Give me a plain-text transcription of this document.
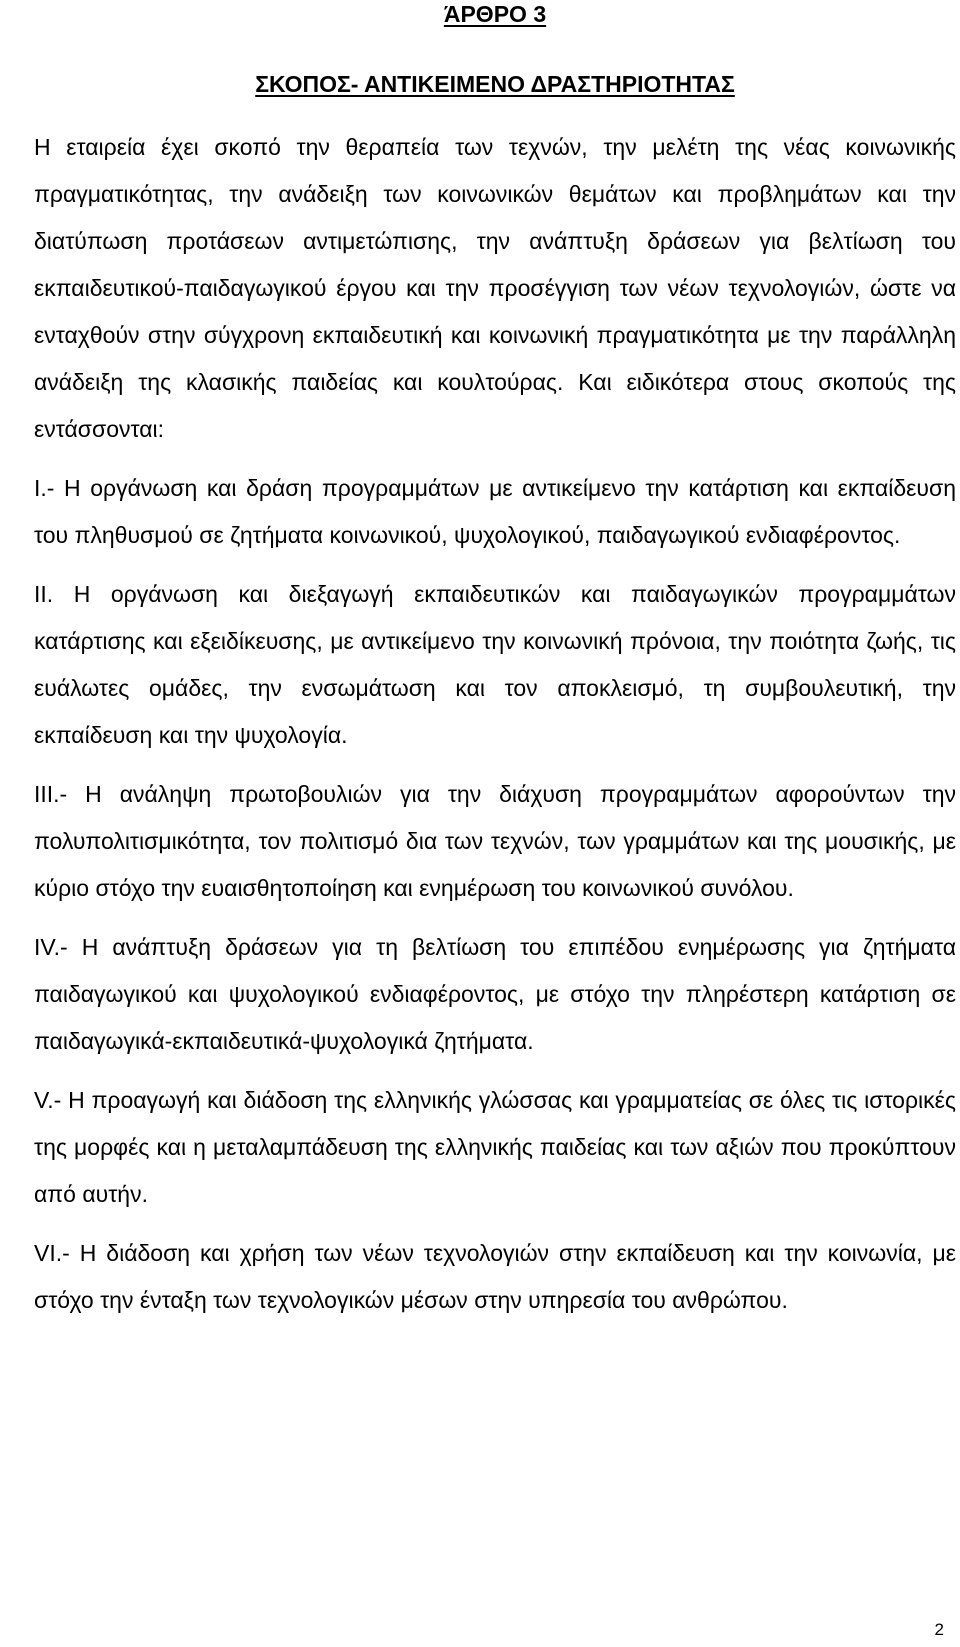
ΆΡΘΡΟ 3
ΣΚΟΠΟΣ- ΑΝΤΙΚΕΙΜΕΝΟ ΔΡΑΣΤΗΡΙΟΤΗΤΑΣ

Η εταιρεία έχει σκοπό την θεραπεία των τεχνών, την μελέτη της νέας κοινωνικής πραγματικότητας, την ανάδειξη των κοινωνικών θεμάτων και προβλημάτων και την διατύπωση προτάσεων αντιμετώπισης, την ανάπτυξη δράσεων για βελτίωση του εκπαιδευτικού-παιδαγωγικού έργου και την προσέγγιση των νέων τεχνολογιών, ώστε να ενταχθούν στην σύγχρονη εκπαιδευτική και κοινωνική πραγματικότητα με την παράλληλη ανάδειξη της κλασικής παιδείας και κουλτούρας. Και ειδικότερα στους σκοπούς της εντάσσονται:

I.- Η οργάνωση και δράση προγραμμάτων με αντικείμενο την κατάρτιση και εκπαίδευση του πληθυσμού σε ζητήματα κοινωνικού, ψυχολογικού, παιδαγωγικού ενδιαφέροντος.

II. Η οργάνωση και διεξαγωγή εκπαιδευτικών και παιδαγωγικών προγραμμάτων κατάρτισης και εξειδίκευσης, με αντικείμενο την κοινωνική πρόνοια, την ποιότητα ζωής, τις ευάλωτες ομάδες, την ενσωμάτωση και τον αποκλεισμό, τη συμβουλευτική, την εκπαίδευση και την ψυχολογία.

III.- Η ανάληψη πρωτοβουλιών για την διάχυση προγραμμάτων αφορούντων την πολυπολιτισμικότητα, τον πολιτισμό δια των τεχνών, των γραμμάτων και της μουσικής, με κύριο στόχο την ευαισθητοποίηση και ενημέρωση του κοινωνικού συνόλου.

IV.- Η ανάπτυξη δράσεων για τη βελτίωση του επιπέδου ενημέρωσης για ζητήματα παιδαγωγικού και ψυχολογικού ενδιαφέροντος, με στόχο την πληρέστερη κατάρτιση σε παιδαγωγικά-εκπαιδευτικά-ψυχολογικά ζητήματα.

V.- Η προαγωγή και διάδοση της ελληνικής γλώσσας και γραμματείας σε όλες τις ιστορικές της μορφές και η μεταλαμπάδευση της ελληνικής παιδείας και των αξιών που προκύπτουν από αυτήν.

VI.- Η διάδοση και χρήση των νέων τεχνολογιών στην εκπαίδευση και την κοινωνία, με στόχο την ένταξη των τεχνολογικών μέσων στην υπηρεσία του ανθρώπου.

2
